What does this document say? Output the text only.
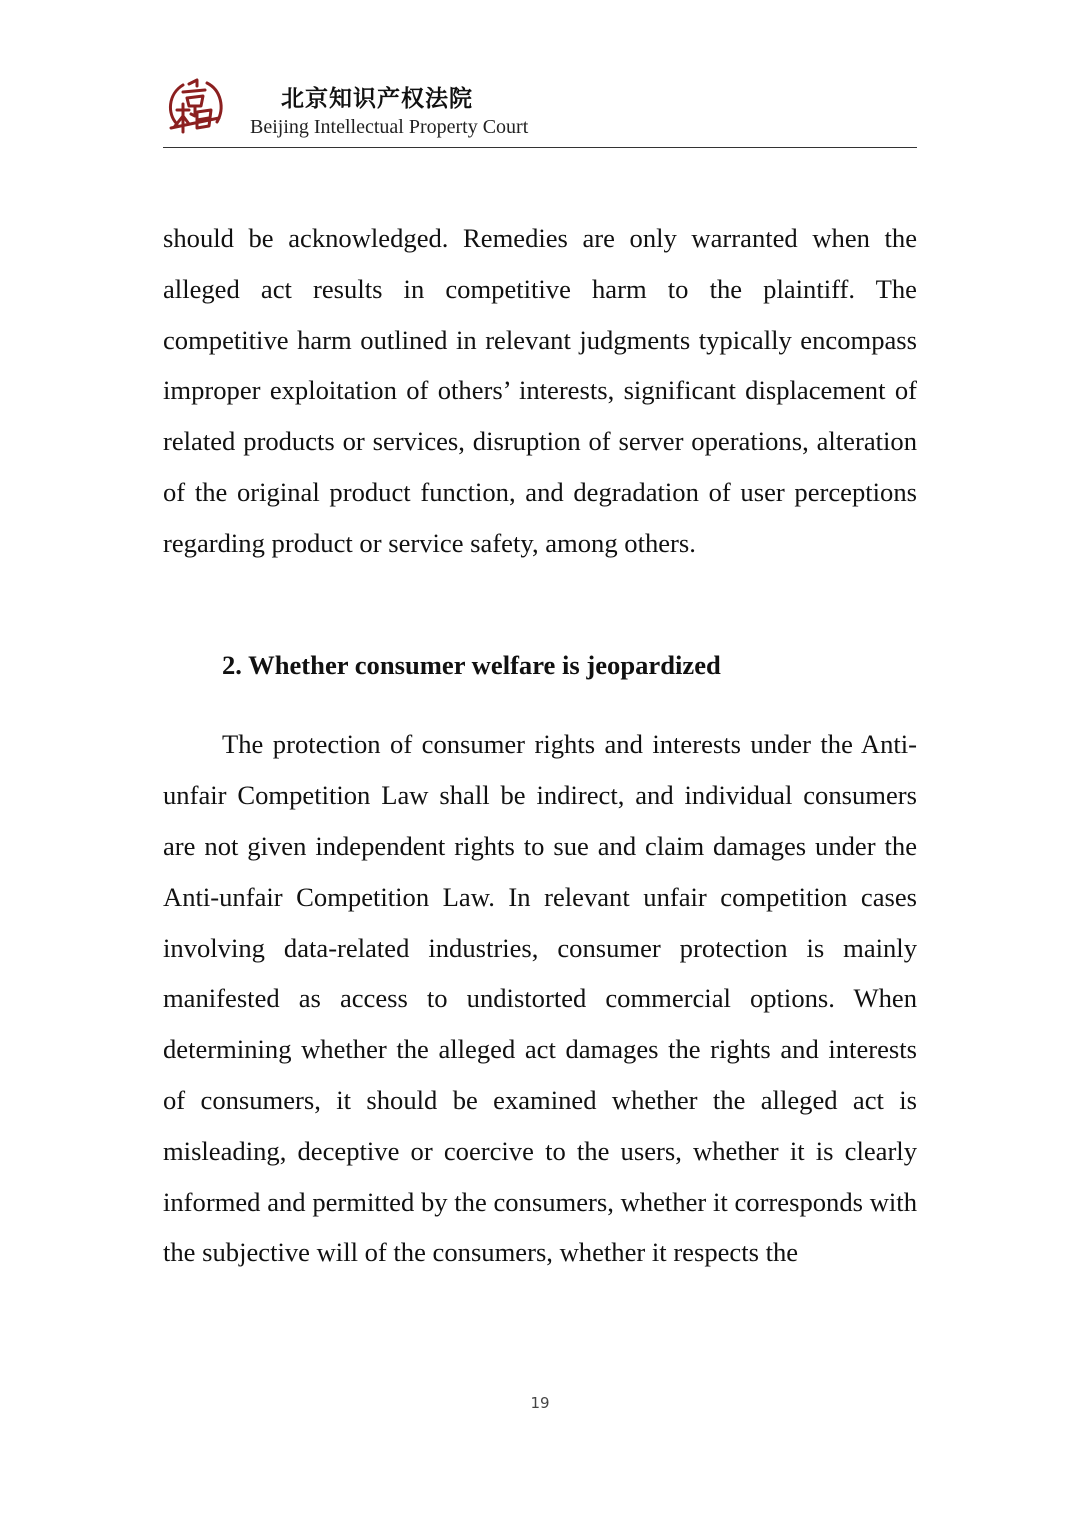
北京知识产权法院
Beijing Intellectual Property Court

should be acknowledged. Remedies are only warranted when the alleged act results in competitive harm to the plaintiff. The competitive harm outlined in relevant judgments typically encompass improper exploitation of others’ interests, significant displacement of related products or services, disruption of server operations, alteration of the original product function, and degradation of user perceptions regarding product or service safety, among others.

2. Whether consumer welfare is jeopardized

The protection of consumer rights and interests under the Anti-unfair Competition Law shall be indirect, and individual consumers are not given independent rights to sue and claim damages under the Anti-unfair Competition Law. In relevant unfair competition cases involving data-related industries, consumer protection is mainly manifested as access to undistorted commercial options. When determining whether the alleged act damages the rights and interests of consumers, it should be examined whether the alleged act is misleading, deceptive or coercive to the users, whether it is clearly informed and permitted by the consumers, whether it corresponds with the subjective will of the consumers, whether it respects the

19
